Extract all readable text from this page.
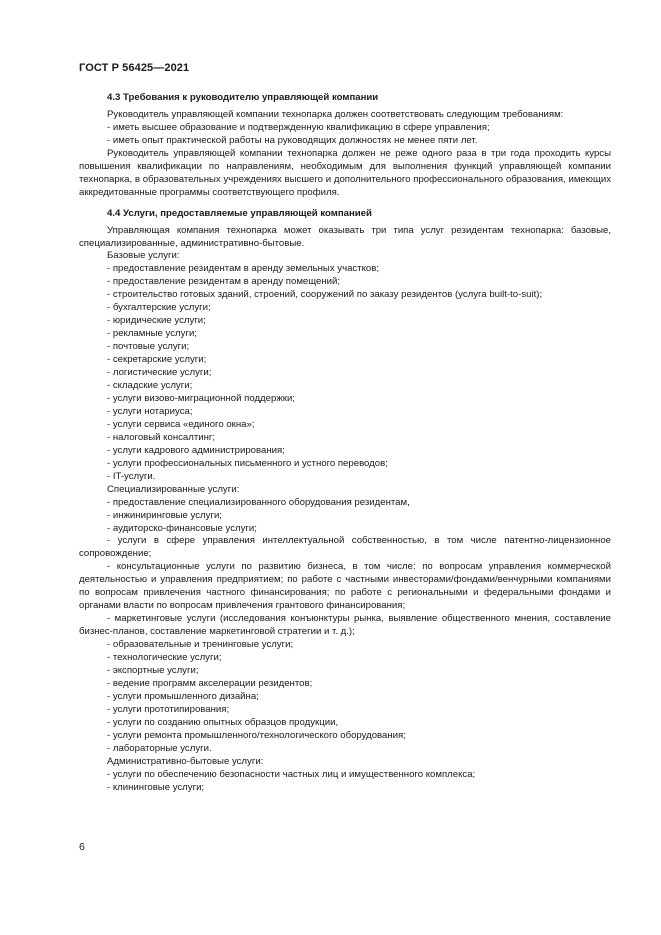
ГОСТ Р 56425—2021
4.3 Требования к руководителю управляющей компании

Руководитель управляющей компании технопарка должен соответствовать следующим требованиям:

- иметь высшее образование и подтвержденную квалификацию в сфере управления;

- иметь опыт практической работы на руководящих должностях не менее пяти лет.

Руководитель управляющей компании технопарка должен не реже одного раза в три года проходить курсы повышения квалификации по направлениям, необходимым для выполнения функций управляющей компании технопарка, в образовательных учреждениях высшего и дополнительного профессионального образования, имеющих аккредитованные программы соответствующего профиля.

4.4 Услуги, предоставляемые управляющей компанией

Управляющая компания технопарка может оказывать три типа услуг резидентам технопарка: базовые, специализированные, административно-бытовые.

Базовые услуги:

- предоставление резидентам в аренду земельных участков;

- предоставление резидентам в аренду помещений;

- строительство готовых зданий, строений, сооружений по заказу резидентов (услуга built-to-suit);

- бухгалтерские услуги;

- юридические услуги;

- рекламные услуги;

- почтовые услуги;

- секретарские услуги;

- логистические услуги;

- складские услуги;

- услуги визово-миграционной поддержки;

- услуги нотариуса;

- услуги сервиса «единого окна»;

- налоговый консалтинг;

- услуги кадрового администрирования;

- услуги профессиональных письменного и устного переводов;

- IT-услуги.

Специализированные услуги:

- предоставление специализированного оборудования резидентам,

- инжиниринговые услуги;

- аудиторско-финансовые услуги;

- услуги в сфере управления интеллектуальной собственностью, в том числе патентно-лицензионное сопровождение;

- консультационные услуги по развитию бизнеса, в том числе: по вопросам управления коммерческой деятельностью и управления предприятием; по работе с частными инвесторами/фондами/венчурными компаниями по вопросам привлечения частного финансирования; по работе с региональными и федеральными фондами и органами власти по вопросам привлечения грантового финансирования;

- маркетинговые услуги (исследования конъюнктуры рынка, выявление общественного мнения, составление бизнес-планов, составление маркетинговой стратегии и т. д.);

- образовательные и тренинговые услуги;

- технологические услуги;

- экспортные услуги;

- ведение программ акселерации резидентов;

- услуги промышленного дизайна;

- услуги прототипирования;

- услуги по созданию опытных образцов продукции,

- услуги ремонта промышленного/технологического оборудования;

- лабораторные услуги.

Административно-бытовые услуги:

- услуги по обеспечению безопасности частных лиц и имущественного комплекса;

- клининговые услуги;

6
